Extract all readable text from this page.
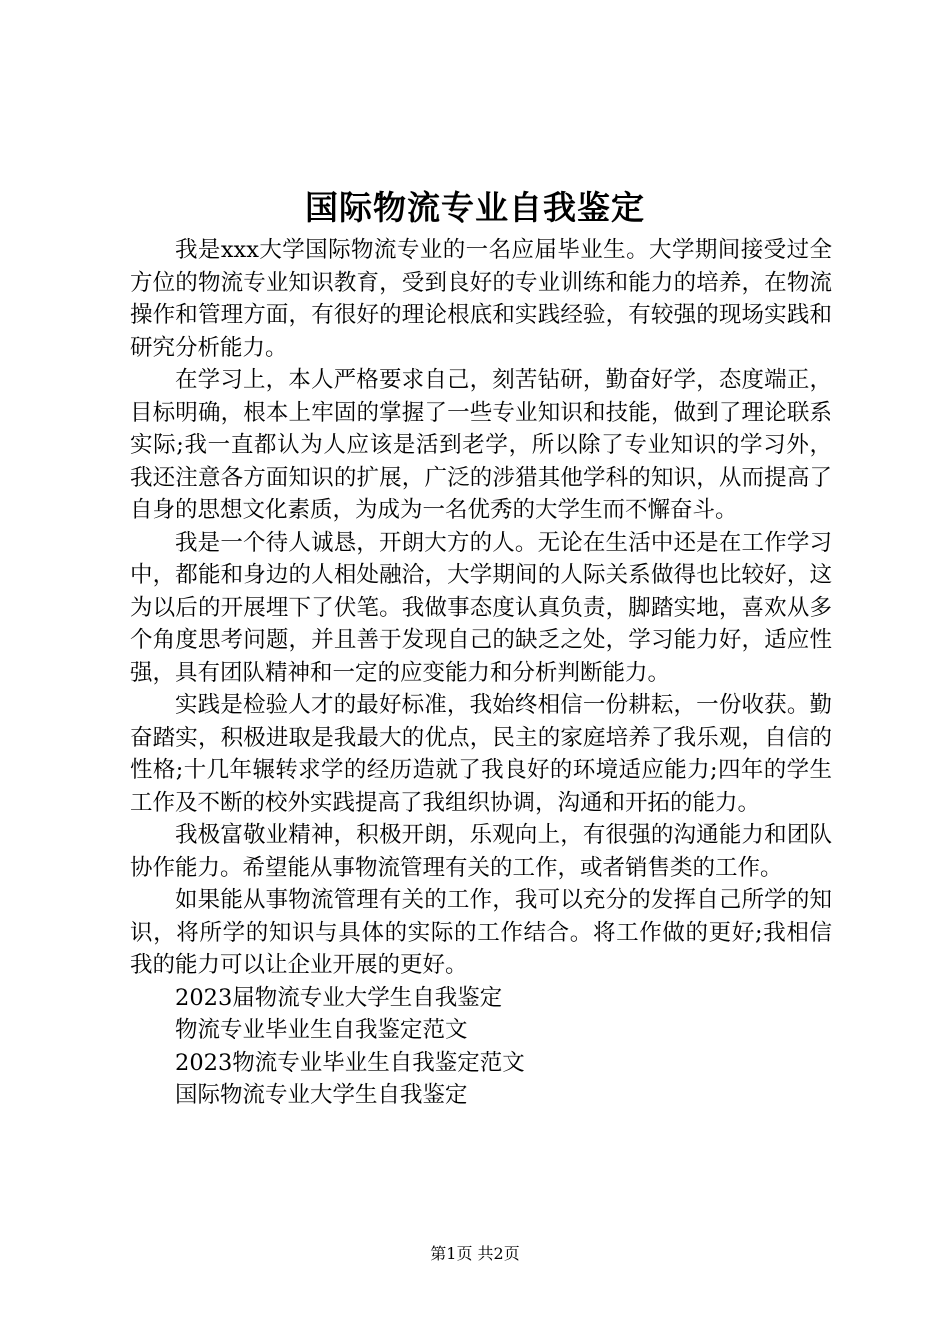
国际物流专业自我鉴定

我是xxx大学国际物流专业的一名应届毕业生。大学期间接受过全方位的物流专业知识教育，受到良好的专业训练和能力的培养，在物流操作和管理方面，有很好的理论根底和实践经验，有较强的现场实践和研究分析能力。

在学习上，本人严格要求自己，刻苦钻研，勤奋好学，态度端正，目标明确，根本上牢固的掌握了一些专业知识和技能，做到了理论联系实际;我一直都认为人应该是活到老学，所以除了专业知识的学习外，我还注意各方面知识的扩展，广泛的涉猎其他学科的知识，从而提高了自身的思想文化素质，为成为一名优秀的大学生而不懈奋斗。

我是一个待人诚恳，开朗大方的人。无论在生活中还是在工作学习中，都能和身边的人相处融洽，大学期间的人际关系做得也比较好，这为以后的开展埋下了伏笔。我做事态度认真负责，脚踏实地，喜欢从多个角度思考问题，并且善于发现自己的缺乏之处，学习能力好，适应性强，具有团队精神和一定的应变能力和分析判断能力。

实践是检验人才的最好标准，我始终相信一份耕耘，一份收获。勤奋踏实，积极进取是我最大的优点，民主的家庭培养了我乐观，自信的性格;十几年辗转求学的经历造就了我良好的环境适应能力;四年的学生工作及不断的校外实践提高了我组织协调，沟通和开拓的能力。

我极富敬业精神，积极开朗，乐观向上，有很强的沟通能力和团队协作能力。希望能从事物流管理有关的工作，或者销售类的工作。

如果能从事物流管理有关的工作，我可以充分的发挥自己所学的知识，将所学的知识与具体的实际的工作结合。将工作做的更好;我相信我的能力可以让企业开展的更好。

2023届物流专业大学生自我鉴定

物流专业毕业生自我鉴定范文

2023物流专业毕业生自我鉴定范文

国际物流专业大学生自我鉴定

第1页 共2页
